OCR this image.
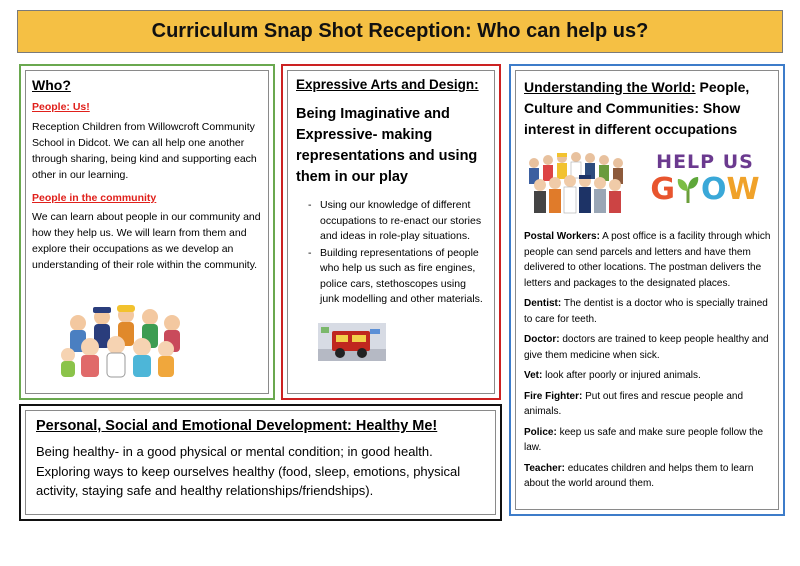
Curriculum Snap Shot Reception: Who can help us?
Who?
People: Us!
Reception Children from Willowcroft Community School in Didcot. We can all help one another through sharing, being kind and supporting each other in our learning.
People in the community
We can learn about people in our community and how they help us. We will learn from them and explore their occupations as we develop an understanding of their role within the community.
Expressive Arts and Design:
Being Imaginative and Expressive- making representations and using them in our play
- Using our knowledge of different occupations to re-enact our stories and ideas in role-play situations.
- Building representations of people who help us such as fire engines, police cars, stethoscopes using junk modelling and other materials.
Understanding the World: People, Culture and Communities: Show interest in different occupations
HELP US
G O W
Postal Workers: A post office is a facility through which people can send parcels and letters and have them delivered to other locations. The postman delivers the letters and packages to the designated places.
Dentist: The dentist is a doctor who is specially trained to care for teeth.
Doctor: doctors are trained to keep people healthy and give them medicine when sick.
Vet: look after poorly or injured animals.
Fire Fighter: Put out fires and rescue people and animals.
Police: keep us safe and make sure people follow the law.
Teacher: educates children and helps them to learn about the world around them.
Personal, Social and Emotional Development: Healthy Me!
Being healthy- in a good physical or mental condition; in good health. Exploring ways to keep ourselves healthy (food, sleep, emotions, physical activity, staying safe and healthy relationships/friendships).
